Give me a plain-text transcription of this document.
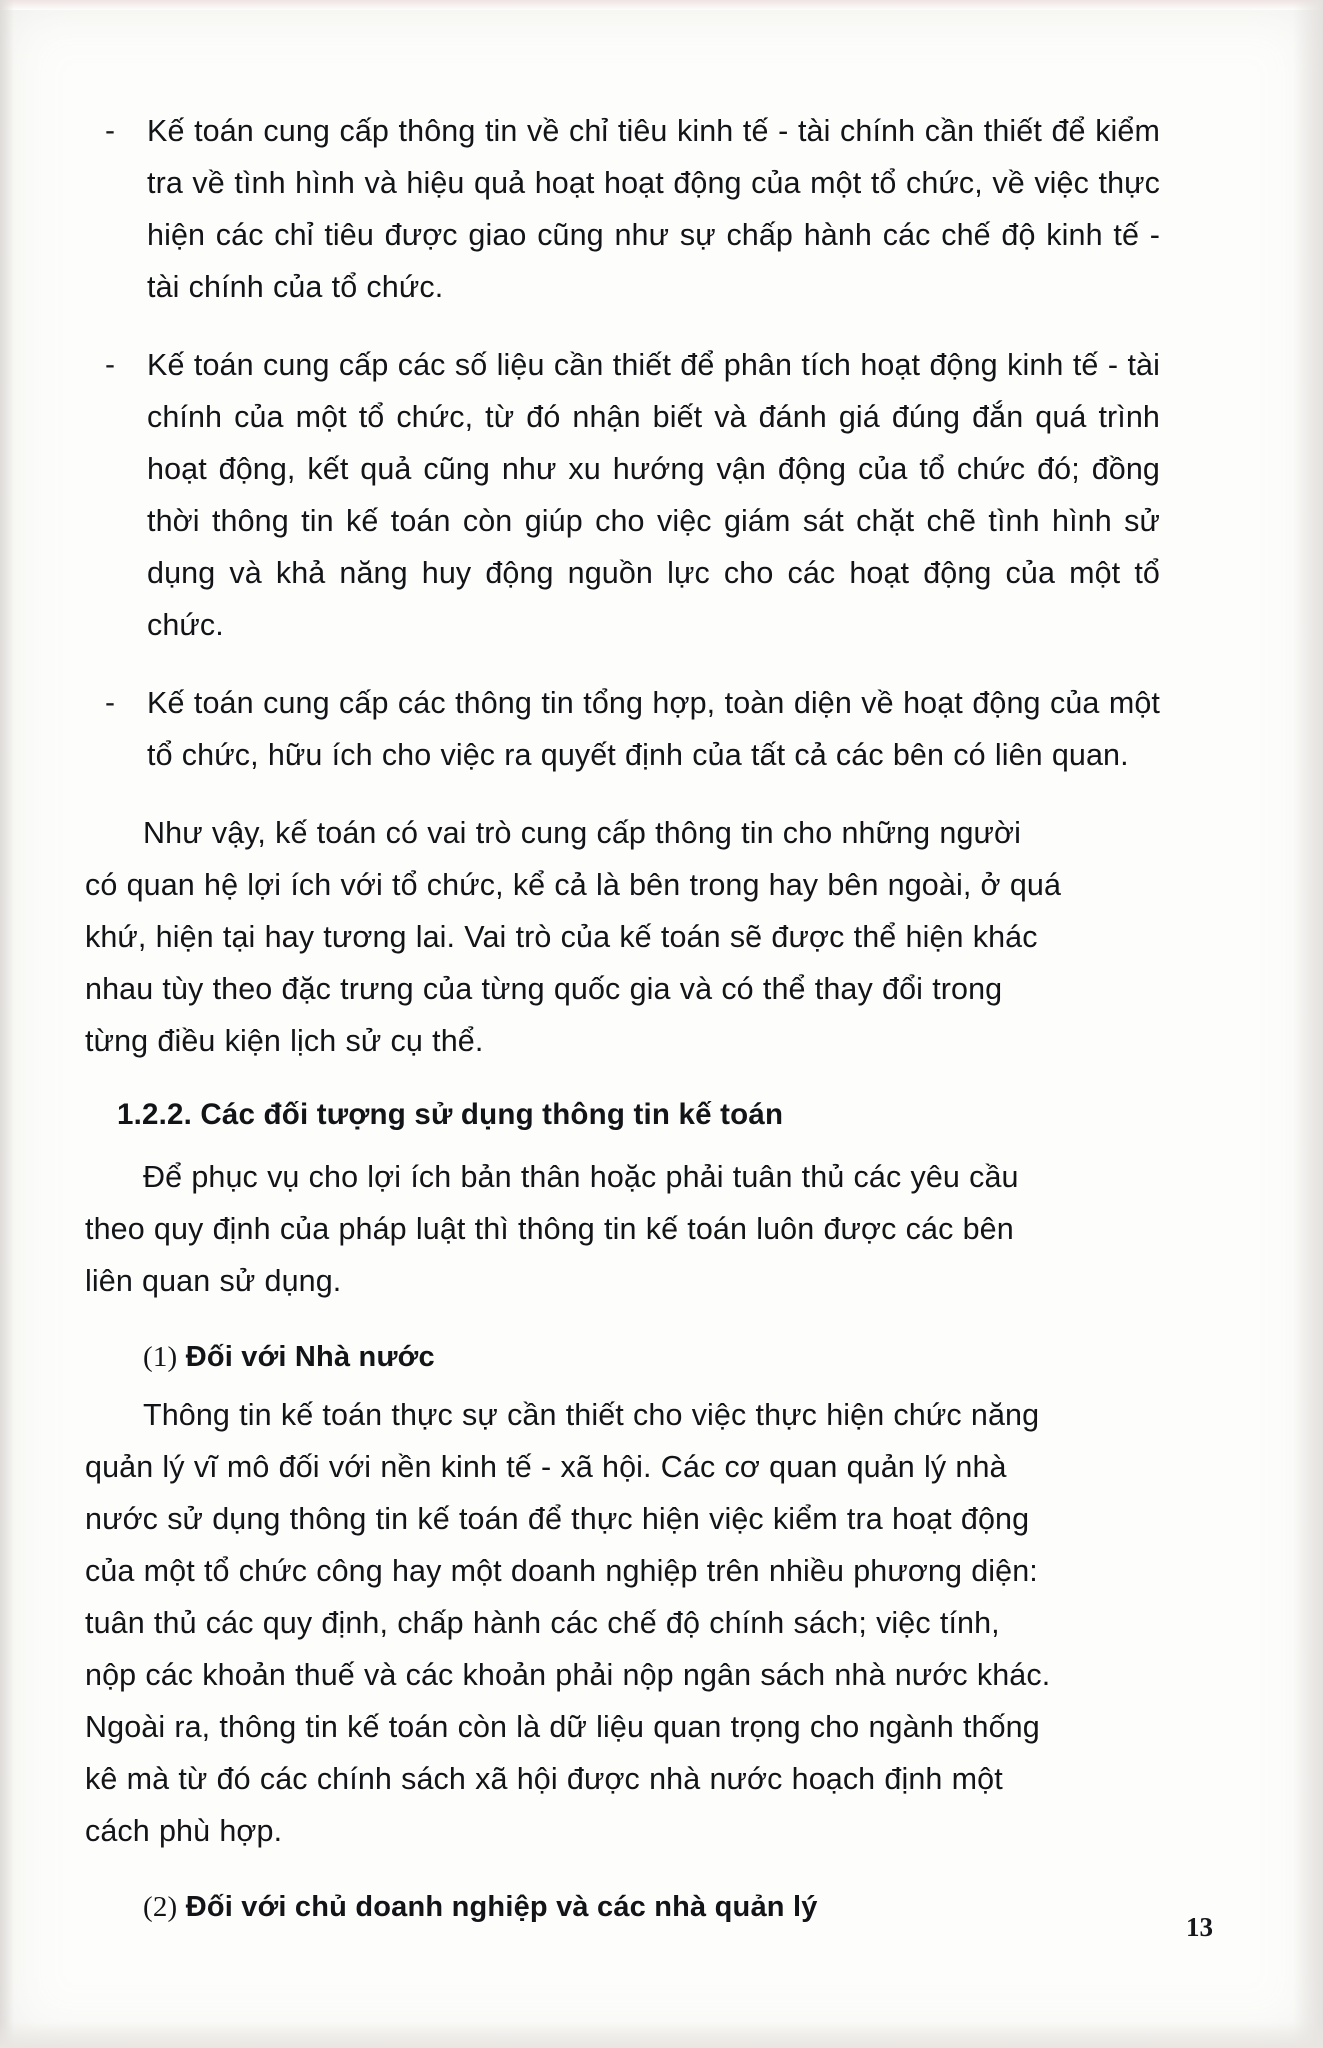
-	Kế toán cung cấp thông tin về chỉ tiêu kinh tế - tài chính cần thiết để kiểm tra về tình hình và hiệu quả hoạt hoạt động của một tổ chức, về việc thực hiện các chỉ tiêu được giao cũng như sự chấp hành các chế độ kinh tế - tài chính của tổ chức.
-	Kế toán cung cấp các số liệu cần thiết để phân tích hoạt động kinh tế - tài chính của một tổ chức, từ đó nhận biết và đánh giá đúng đắn quá trình hoạt động, kết quả cũng như xu hướng vận động của tổ chức đó; đồng thời thông tin kế toán còn giúp cho việc giám sát chặt chẽ tình hình sử dụng và khả năng huy động nguồn lực cho các hoạt động của một tổ chức.
-	Kế toán cung cấp các thông tin tổng hợp, toàn diện về hoạt động của một tổ chức, hữu ích cho việc ra quyết định của tất cả các bên có liên quan.
Như vậy, kế toán có vai trò cung cấp thông tin cho những người
có quan hệ lợi ích với tổ chức, kể cả là bên trong hay bên ngoài, ở quá
khứ, hiện tại hay tương lai. Vai trò của kế toán sẽ được thể hiện khác
nhau tùy theo đặc trưng của từng quốc gia và có thể thay đổi trong
từng điều kiện lịch sử cụ thể.
1.2.2. Các đối tượng sử dụng thông tin kế toán
Để phục vụ cho lợi ích bản thân hoặc phải tuân thủ các yêu cầu
theo quy định của pháp luật thì thông tin kế toán luôn được các bên
liên quan sử dụng.
(1) Đối với Nhà nước
Thông tin kế toán thực sự cần thiết cho việc thực hiện chức năng
quản lý vĩ mô đối với nền kinh tế - xã hội. Các cơ quan quản lý nhà
nước sử dụng thông tin kế toán để thực hiện việc kiểm tra hoạt động
của một tổ chức công hay một doanh nghiệp trên nhiều phương diện:
tuân thủ các quy định, chấp hành các chế độ chính sách; việc tính,
nộp các khoản thuế và các khoản phải nộp ngân sách nhà nước khác.
Ngoài ra, thông tin kế toán còn là dữ liệu quan trọng cho ngành thống
kê mà từ đó các chính sách xã hội được nhà nước hoạch định một
cách phù hợp.
(2) Đối với chủ doanh nghiệp và các nhà quản lý
13
